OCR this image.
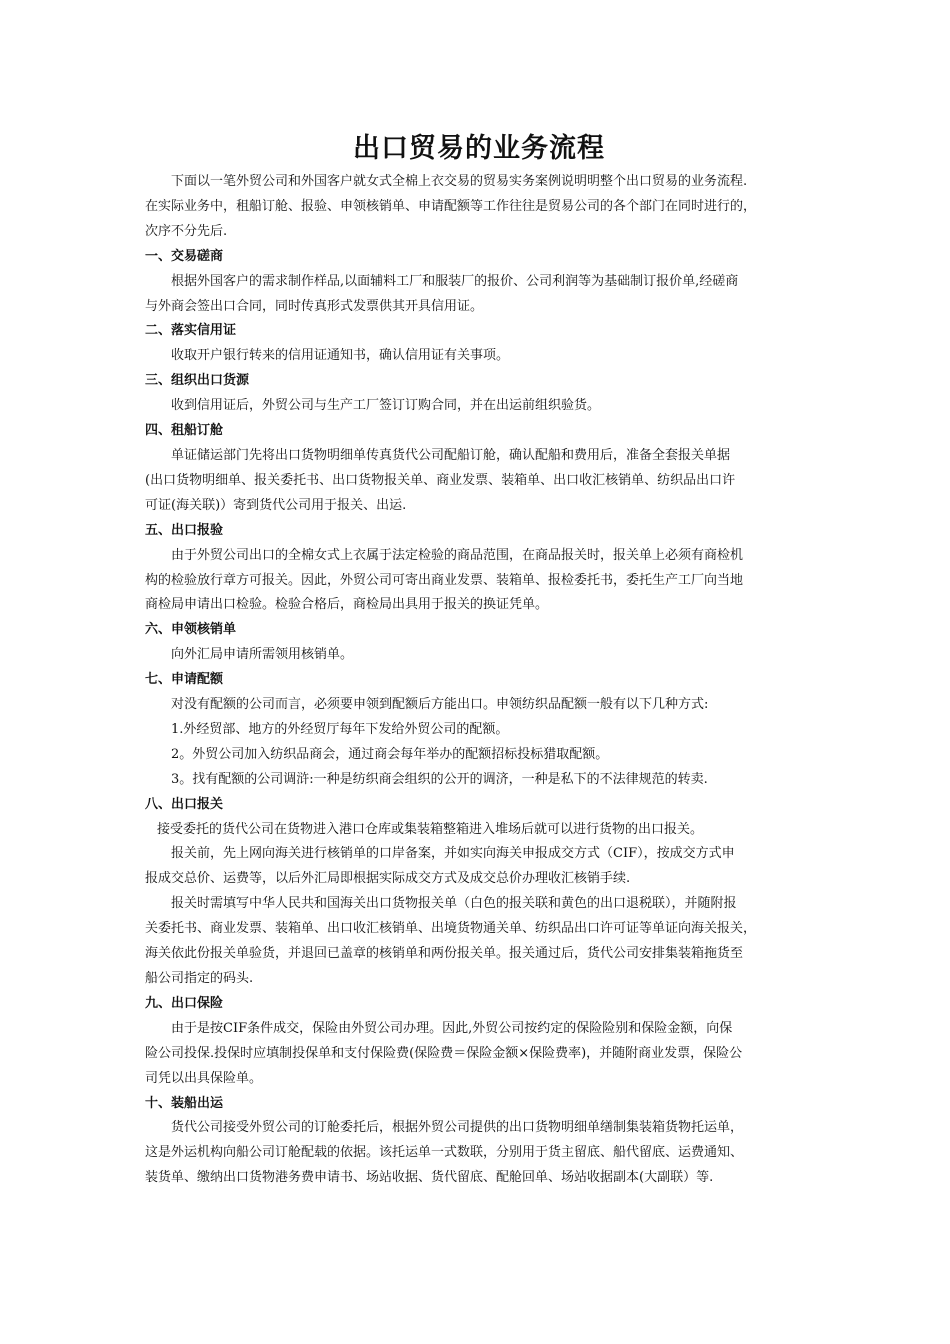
出口贸易的业务流程

下面以一笔外贸公司和外国客户就女式全棉上衣交易的贸易实务案例说明明整个出口贸易的业务流程.
在实际业务中，租船订舱、报验、申领核销单、申请配额等工作往往是贸易公司的各个部门在同时进行的，
次序不分先后.

一、交易磋商

根据外国客户的需求制作样品,以面辅料工厂和服装厂的报价、公司利润等为基础制订报价单,经磋商
与外商会签出口合同，同时传真形式发票供其开具信用证。

二、落实信用证

收取开户银行转来的信用证通知书，确认信用证有关事项。

三、组织出口货源

收到信用证后，外贸公司与生产工厂签订订购合同，并在出运前组织验货。

四、租船订舱

单证储运部门先将出口货物明细单传真货代公司配船订舱，确认配船和费用后，准备全套报关单据
(出口货物明细单、报关委托书、出口货物报关单、商业发票、装箱单、出口收汇核销单、纺织品出口许
可证(海关联)）寄到货代公司用于报关、出运.

五、出口报验

由于外贸公司出口的全棉女式上衣属于法定检验的商品范围，在商品报关时，报关单上必须有商检机
构的检验放行章方可报关。因此，外贸公司可寄出商业发票、装箱单、报检委托书，委托生产工厂向当地
商检局申请出口检验。检验合格后，商检局出具用于报关的换证凭单。

六、申领核销单

向外汇局申请所需领用核销单。

七、申请配额

对没有配额的公司而言，必须要申领到配额后方能出口。申领纺织品配额一般有以下几种方式:

1.外经贸部、地方的外经贸厅每年下发给外贸公司的配额。

2。外贸公司加入纺织品商会，通过商会每年举办的配额招标投标猎取配额。

3。找有配额的公司调浒:一种是纺织商会组织的公开的调济，一种是私下的不法律规范的转卖.

八、出口报关

接受委托的货代公司在货物进入港口仓库或集装箱整箱进入堆场后就可以进行货物的出口报关。

报关前，先上网向海关进行核销单的口岸备案，并如实向海关申报成交方式（CIF），按成交方式申
报成交总价、运费等，以后外汇局即根据实际成交方式及成交总价办理收汇核销手续.

报关时需填写中华人民共和国海关出口货物报关单（白色的报关联和黄色的出口退税联），并随附报
关委托书、商业发票、装箱单、出口收汇核销单、出境货物通关单、纺织品出口许可证等单证向海关报关，
海关依此份报关单验货，并退回已盖章的核销单和两份报关单。报关通过后，货代公司安排集装箱拖货至
船公司指定的码头.

九、出口保险

由于是按CIF条件成交，保险由外贸公司办理。因此,外贸公司按约定的保险险别和保险金额，向保
险公司投保.投保时应填制投保单和支付保险费(保险费＝保险金额×保险费率)，并随附商业发票，保险公
司凭以出具保险单。

十、装船出运

货代公司接受外贸公司的订舱委托后，根据外贸公司提供的出口货物明细单缮制集装箱货物托运单，
这是外运机构向船公司订舱配载的依据。该托运单一式数联，分别用于货主留底、船代留底、运费通知、
装货单、缴纳出口货物港务费申请书、场站收据、货代留底、配舱回单、场站收据副本(大副联）等.
